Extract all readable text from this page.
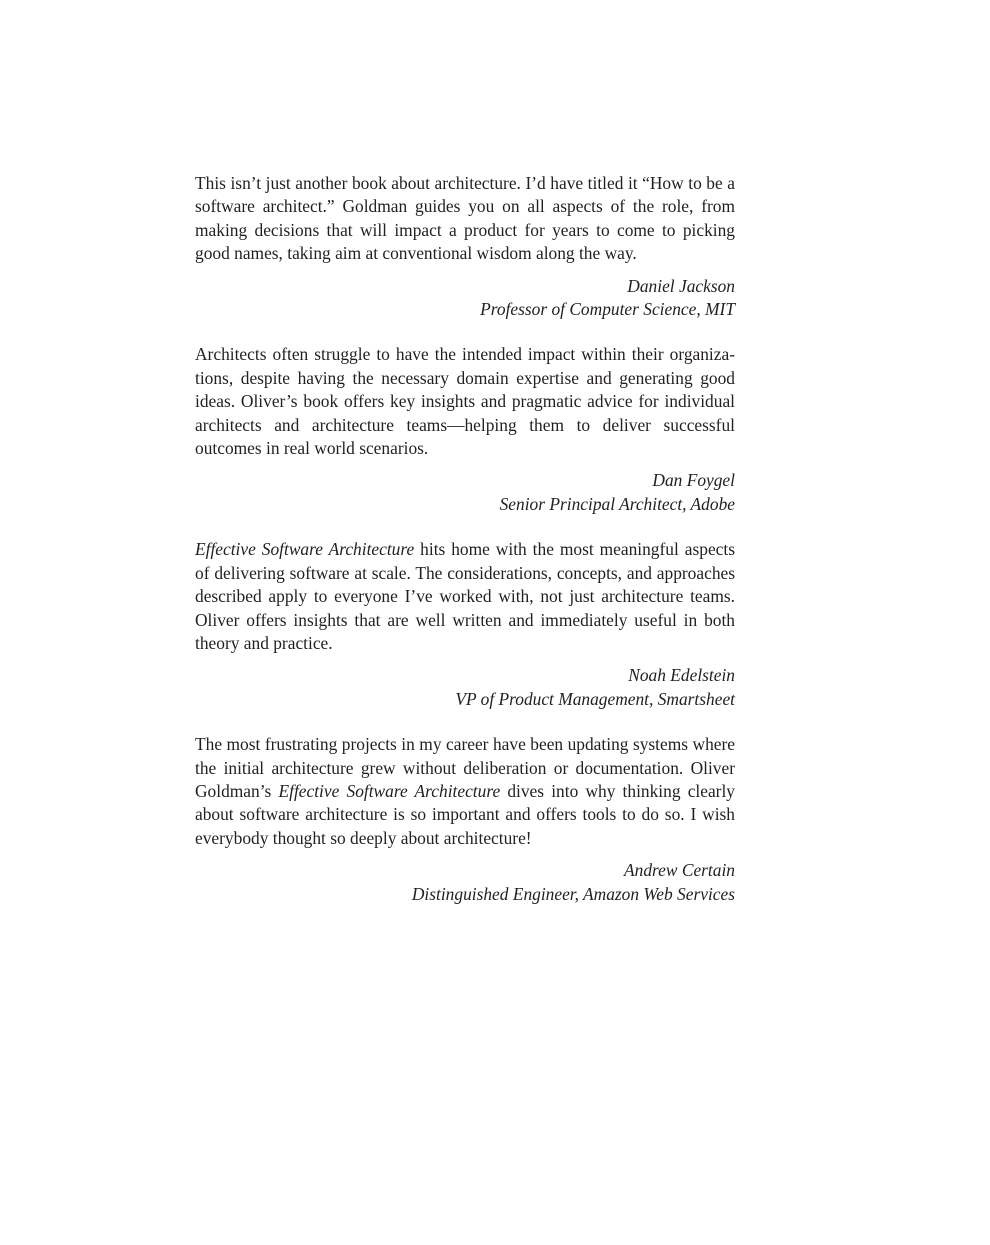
This isn’t just another book about architecture. I’d have titled it “How to be a software architect.” Goldman guides you on all aspects of the role, from making decisions that will impact a product for years to come to picking good names, taking aim at conventional wisdom along the way.

Daniel Jackson
Professor of Computer Science, MIT

Architects often struggle to have the intended impact within their organizations, despite having the necessary domain expertise and generating good ideas. Oliver’s book offers key insights and pragmatic advice for individual architects and architecture teams—helping them to deliver successful outcomes in real world scenarios.

Dan Foygel
Senior Principal Architect, Adobe

Effective Software Architecture hits home with the most meaningful aspects of delivering software at scale. The considerations, concepts, and approaches described apply to everyone I’ve worked with, not just architecture teams. Oliver offers insights that are well written and immediately useful in both theory and practice.

Noah Edelstein
VP of Product Management, Smartsheet

The most frustrating projects in my career have been updating systems where the initial architecture grew without deliberation or documentation. Oliver Goldman’s Effective Software Architecture dives into why thinking clearly about software architecture is so important and offers tools to do so. I wish everybody thought so deeply about architecture!

Andrew Certain
Distinguished Engineer, Amazon Web Services
